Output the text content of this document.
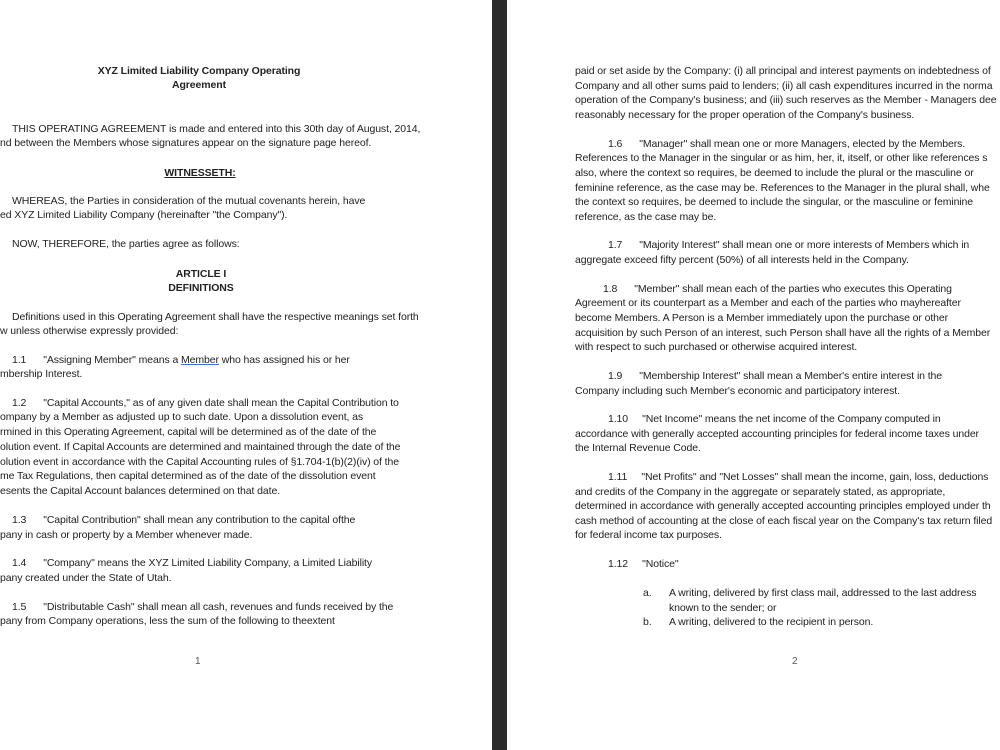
XYZ Limited Liability Company Operating
Agreement
THIS OPERATING AGREEMENT is made and entered into this 30th day of August, 2014,
nd between the Members whose signatures appear on the signature page hereof.
WITNESSETH:
WHEREAS, the Parties in consideration of the mutual covenants herein, have
ed XYZ Limited Liability Company (hereinafter "the Company").
NOW, THEREFORE, the parties agree as follows:
ARTICLE I
DEFINITIONS
Definitions used in this Operating Agreement shall have the respective meanings set forth
w unless otherwise expressly provided:
1.1      "Assigning Member" means a Member who has assigned his or her
mbership Interest.
1.2      "Capital Accounts," as of any given date shall mean the Capital Contribution to
ompany by a Member as adjusted up to such date. Upon a dissolution event, as
rmined in this Operating Agreement, capital will be determined as of the date of the
olution event. If Capital Accounts are determined and maintained through the date of the
olution event in accordance with the Capital Accounting rules of §1.704-1(b)(2)(iv) of the
me Tax Regulations, then capital determined as of the date of the dissolution event
esents the Capital Account balances determined on that date.
1.3      "Capital Contribution" shall mean any contribution to the capital ofthe
pany in cash or property by a Member whenever made.
1.4      "Company" means the XYZ Limited Liability Company, a Limited Liability
pany created under the State of Utah.
1.5      "Distributable Cash" shall mean all cash, revenues and funds received by the
pany from Company operations, less the sum of the following to theextent
1
paid or set aside by the Company: (i) all principal and interest payments on indebtedness of
Company and all other sums paid to lenders; (ii) all cash expenditures incurred in the norma
operation of the Company's business; and (iii) such reserves as the Member - Managers dee
reasonably necessary for the proper operation of the Company's business.
1.6      "Manager" shall mean one or more Managers, elected by the Members.
References to the Manager in the singular or as him, her, it, itself, or other like references s
also, where the context so requires, be deemed to include the plural or the masculine or
feminine reference, as the case may be. References to the Manager in the plural shall, whe
the context so requires, be deemed to include the singular, or the masculine or feminine
reference, as the case may be.
1.7      "Majority Interest" shall mean one or more interests of Members which in
aggregate exceed fifty percent (50%) of all interests held in the Company.
1.8      "Member" shall mean each of the parties who executes this Operating
Agreement or its counterpart as a Member and each of the parties who mayhereafter
become Members. A Person is a Member immediately upon the purchase or other
acquisition by such Person of an interest, such Person shall have all the rights of a Member
with respect to such purchased or otherwise acquired interest.
1.9      "Membership Interest" shall mean a Member's entire interest in the
Company including such Member's economic and participatory interest.
1.10     "Net Income" means the net income of the Company computed in
accordance with generally accepted accounting principles for federal income taxes under
the Internal Revenue Code.
1.11     "Net Profits" and "Net Losses" shall mean the income, gain, loss, deductions
and credits of the Company in the aggregate or separately stated, as appropriate,
determined in accordance with generally accepted accounting principles employed under th
cash method of accounting at the close of each fiscal year on the Company's tax return filed
for federal income tax purposes.
1.12     "Notice"
a. A writing, delivered by first class mail, addressed to the last address
known to the sender; or
b. A writing, delivered to the recipient in person.
2
